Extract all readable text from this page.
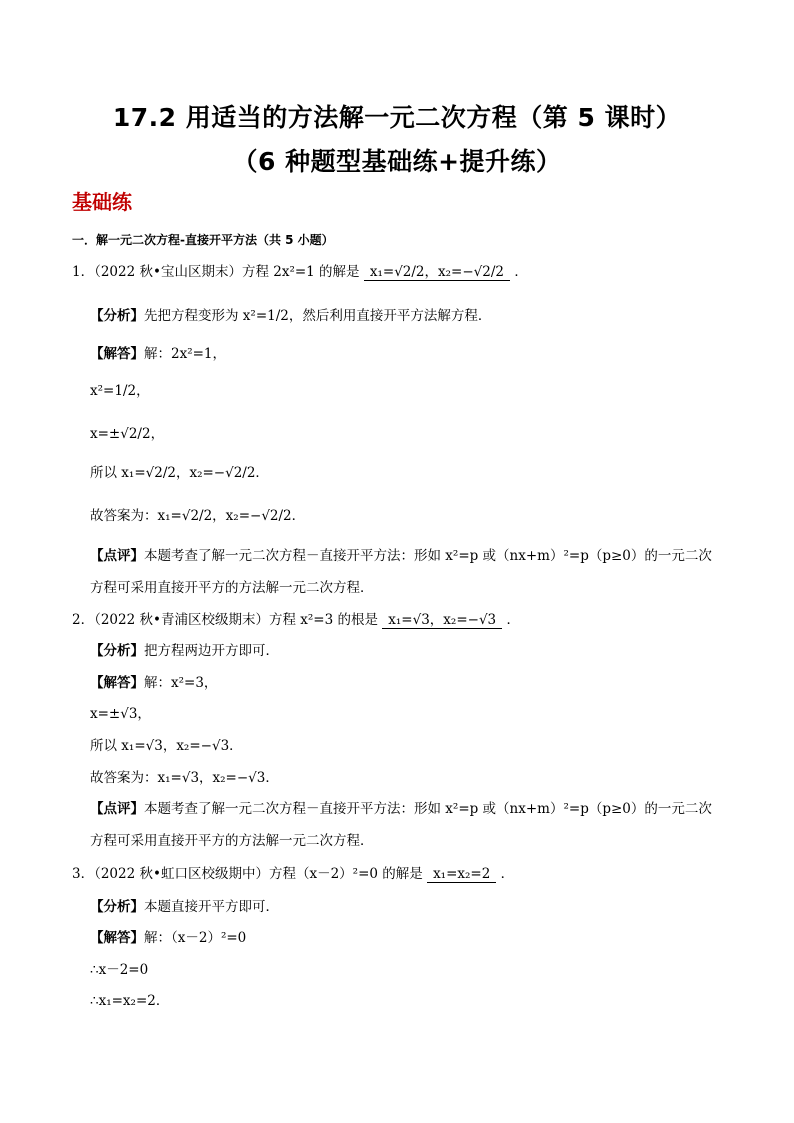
17.2 用适当的方法解一元二次方程（第 5 课时）
（6 种题型基础练+提升练）
基础练
一．解一元二次方程-直接开平方法（共 5 小题）
1．（2022 秋•宝山区期末）方程 2x²=1 的解是 x₁=√2/2，x₂=−√2/2 ．
【分析】先把方程变形为 x²=1/2，然后利用直接开平方法解方程．
【解答】解：2x²=1，
x²=1/2，
x=±√2/2，
所以 x₁=√2/2，x₂=−√2/2．
故答案为：x₁=√2/2，x₂=−√2/2．
【点评】本题考查了解一元二次方程－直接开平方法：形如 x²=p 或（nx+m）²=p（p≥0）的一元二次
方程可采用直接开平方的方法解一元二次方程．
2．（2022 秋•青浦区校级期末）方程 x²=3 的根是 x₁=√3，x₂=−√3 ．
【分析】把方程两边开方即可．
【解答】解：x²=3，
x=±√3，
所以 x₁=√3，x₂=−√3．
故答案为：x₁=√3，x₂=−√3．
【点评】本题考查了解一元二次方程－直接开平方法：形如 x²=p 或（nx+m）²=p（p≥0）的一元二次
方程可采用直接开平方的方法解一元二次方程．
3．（2022 秋•虹口区校级期中）方程（x－2）²=0 的解是 x₁=x₂=2 ．
【分析】本题直接开平方即可．
【解答】解：（x－2）²=0
∴x－2=0
∴x₁=x₂=2．
